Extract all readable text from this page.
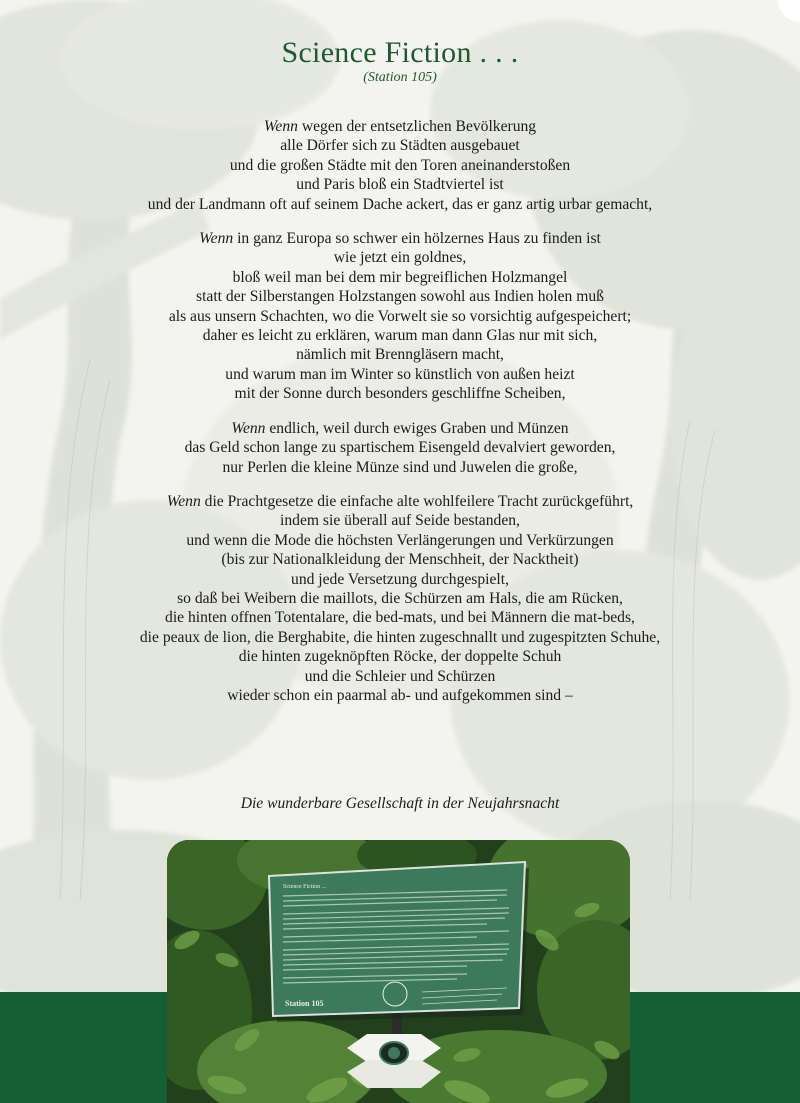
Science Fiction . . .
(Station 105)
Wenn wegen der entsetzlichen Bevölkerung
alle Dörfer sich zu Städten ausgebauet
und die großen Städte mit den Toren aneinanderstoßen
und Paris bloß ein Stadtviertel ist
und der Landmann oft auf seinem Dache ackert, das er ganz artig urbar gemacht,
Wenn in ganz Europa so schwer ein hölzernes Haus zu finden ist
wie jetzt ein goldnes,
bloß weil man bei dem mir begreiflichen Holzmangel
statt der Silberstangen Holzstangen sowohl aus Indien holen muß
als aus unsern Schachten, wo die Vorwelt sie so vorsichtig aufgespeichert;
daher es leicht zu erklären, warum man dann Glas nur mit sich,
nämlich mit Brenngläsern macht,
und warum man im Winter so künstlich von außen heizt
mit der Sonne durch besonders geschliffne Scheiben,
Wenn endlich, weil durch ewiges Graben und Münzen
das Geld schon lange zu spartischem Eisengeld devalviert geworden,
nur Perlen die kleine Münze sind und Juwelen die große,
Wenn die Prachtgesetze die einfache alte wohlfeilere Tracht zurückgeführt,
indem sie überall auf Seide bestanden,
und wenn die Mode die höchsten Verlängerungen und Verkürzungen
(bis zur Nationalkleidung der Menschheit, der Nacktheit)
und jede Versetzung durchgespielt,
so daß bei Weibern die maillots, die Schürzen am Hals, die am Rücken,
die hinten offnen Totentalare, die bed-mats, und bei Männern die mat-beds,
die peaux de lion, die Berghabite, die hinten zugeschnallt und zugespitzten Schuhe,
die hinten zugeknöpften Röcke, der doppelte Schuh
und die Schleier und Schürzen
wieder schon ein paarmal ab- und aufgekommen sind –
Die wunderbare Gesellschaft in der Neujahrsnacht
Science Fiction ...
Station 105
